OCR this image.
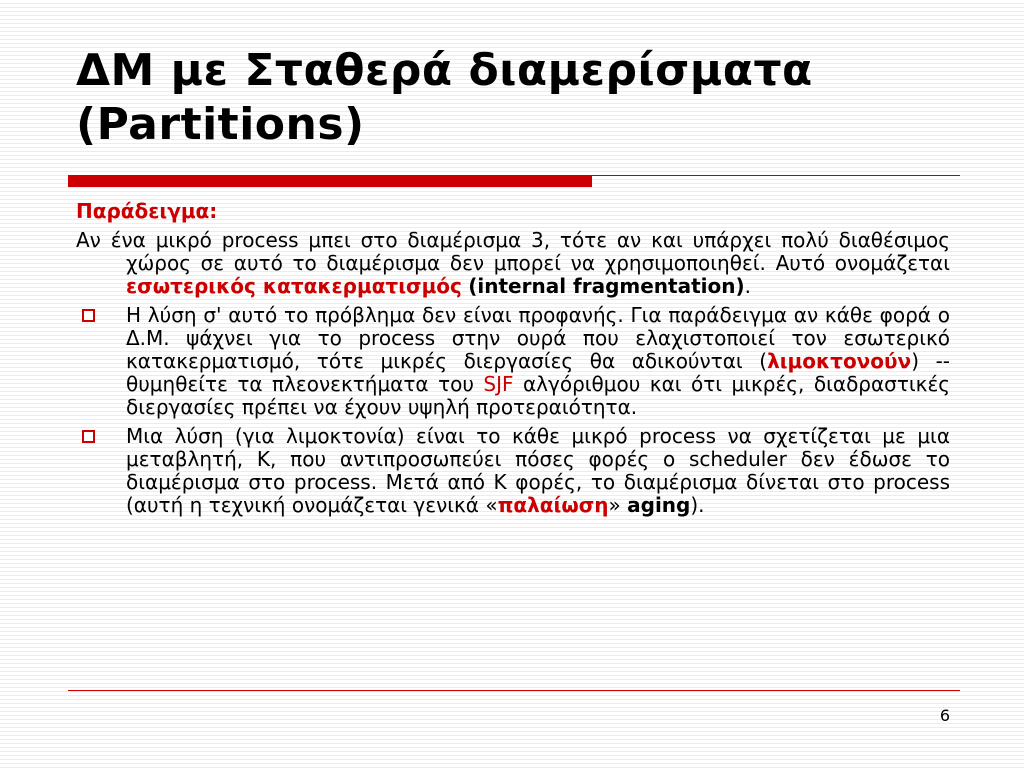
ΔΜ με Σταθερά διαμερίσματα
(Partitions)

Παράδειγμα:

Αν ένα μικρό process μπει στο διαμέρισμα 3, τότε αν και υπάρχει πολύ διαθέσιμος χώρος σε αυτό το διαμέρισμα δεν μπορεί να χρησιμοποιηθεί. Αυτό ονομάζεται εσωτερικός κατακερματισμός (internal fragmentation).

Η λύση σ' αυτό το πρόβλημα δεν είναι προφανής. Για παράδειγμα αν κάθε φορά ο Δ.Μ. ψάχνει για το process στην ουρά που ελαχιστοποιεί τον εσωτερικό κατακερματισμό, τότε μικρές διεργασίες θα αδικούνται (λιμοκτονούν) -- θυμηθείτε τα πλεονεκτήματα του SJF αλγόριθμου και ότι μικρές, διαδραστικές διεργασίες πρέπει να έχουν υψηλή προτεραιότητα.

Μια λύση (για λιμοκτονία) είναι το κάθε μικρό process να σχετίζεται με μια μεταβλητή, Κ, που αντιπροσωπεύει πόσες φορές ο scheduler δεν έδωσε το διαμέρισμα στο process. Μετά από Κ φορές, το διαμέρισμα δίνεται στο process (αυτή η τεχνική ονομάζεται γενικά «παλαίωση» aging).

6
